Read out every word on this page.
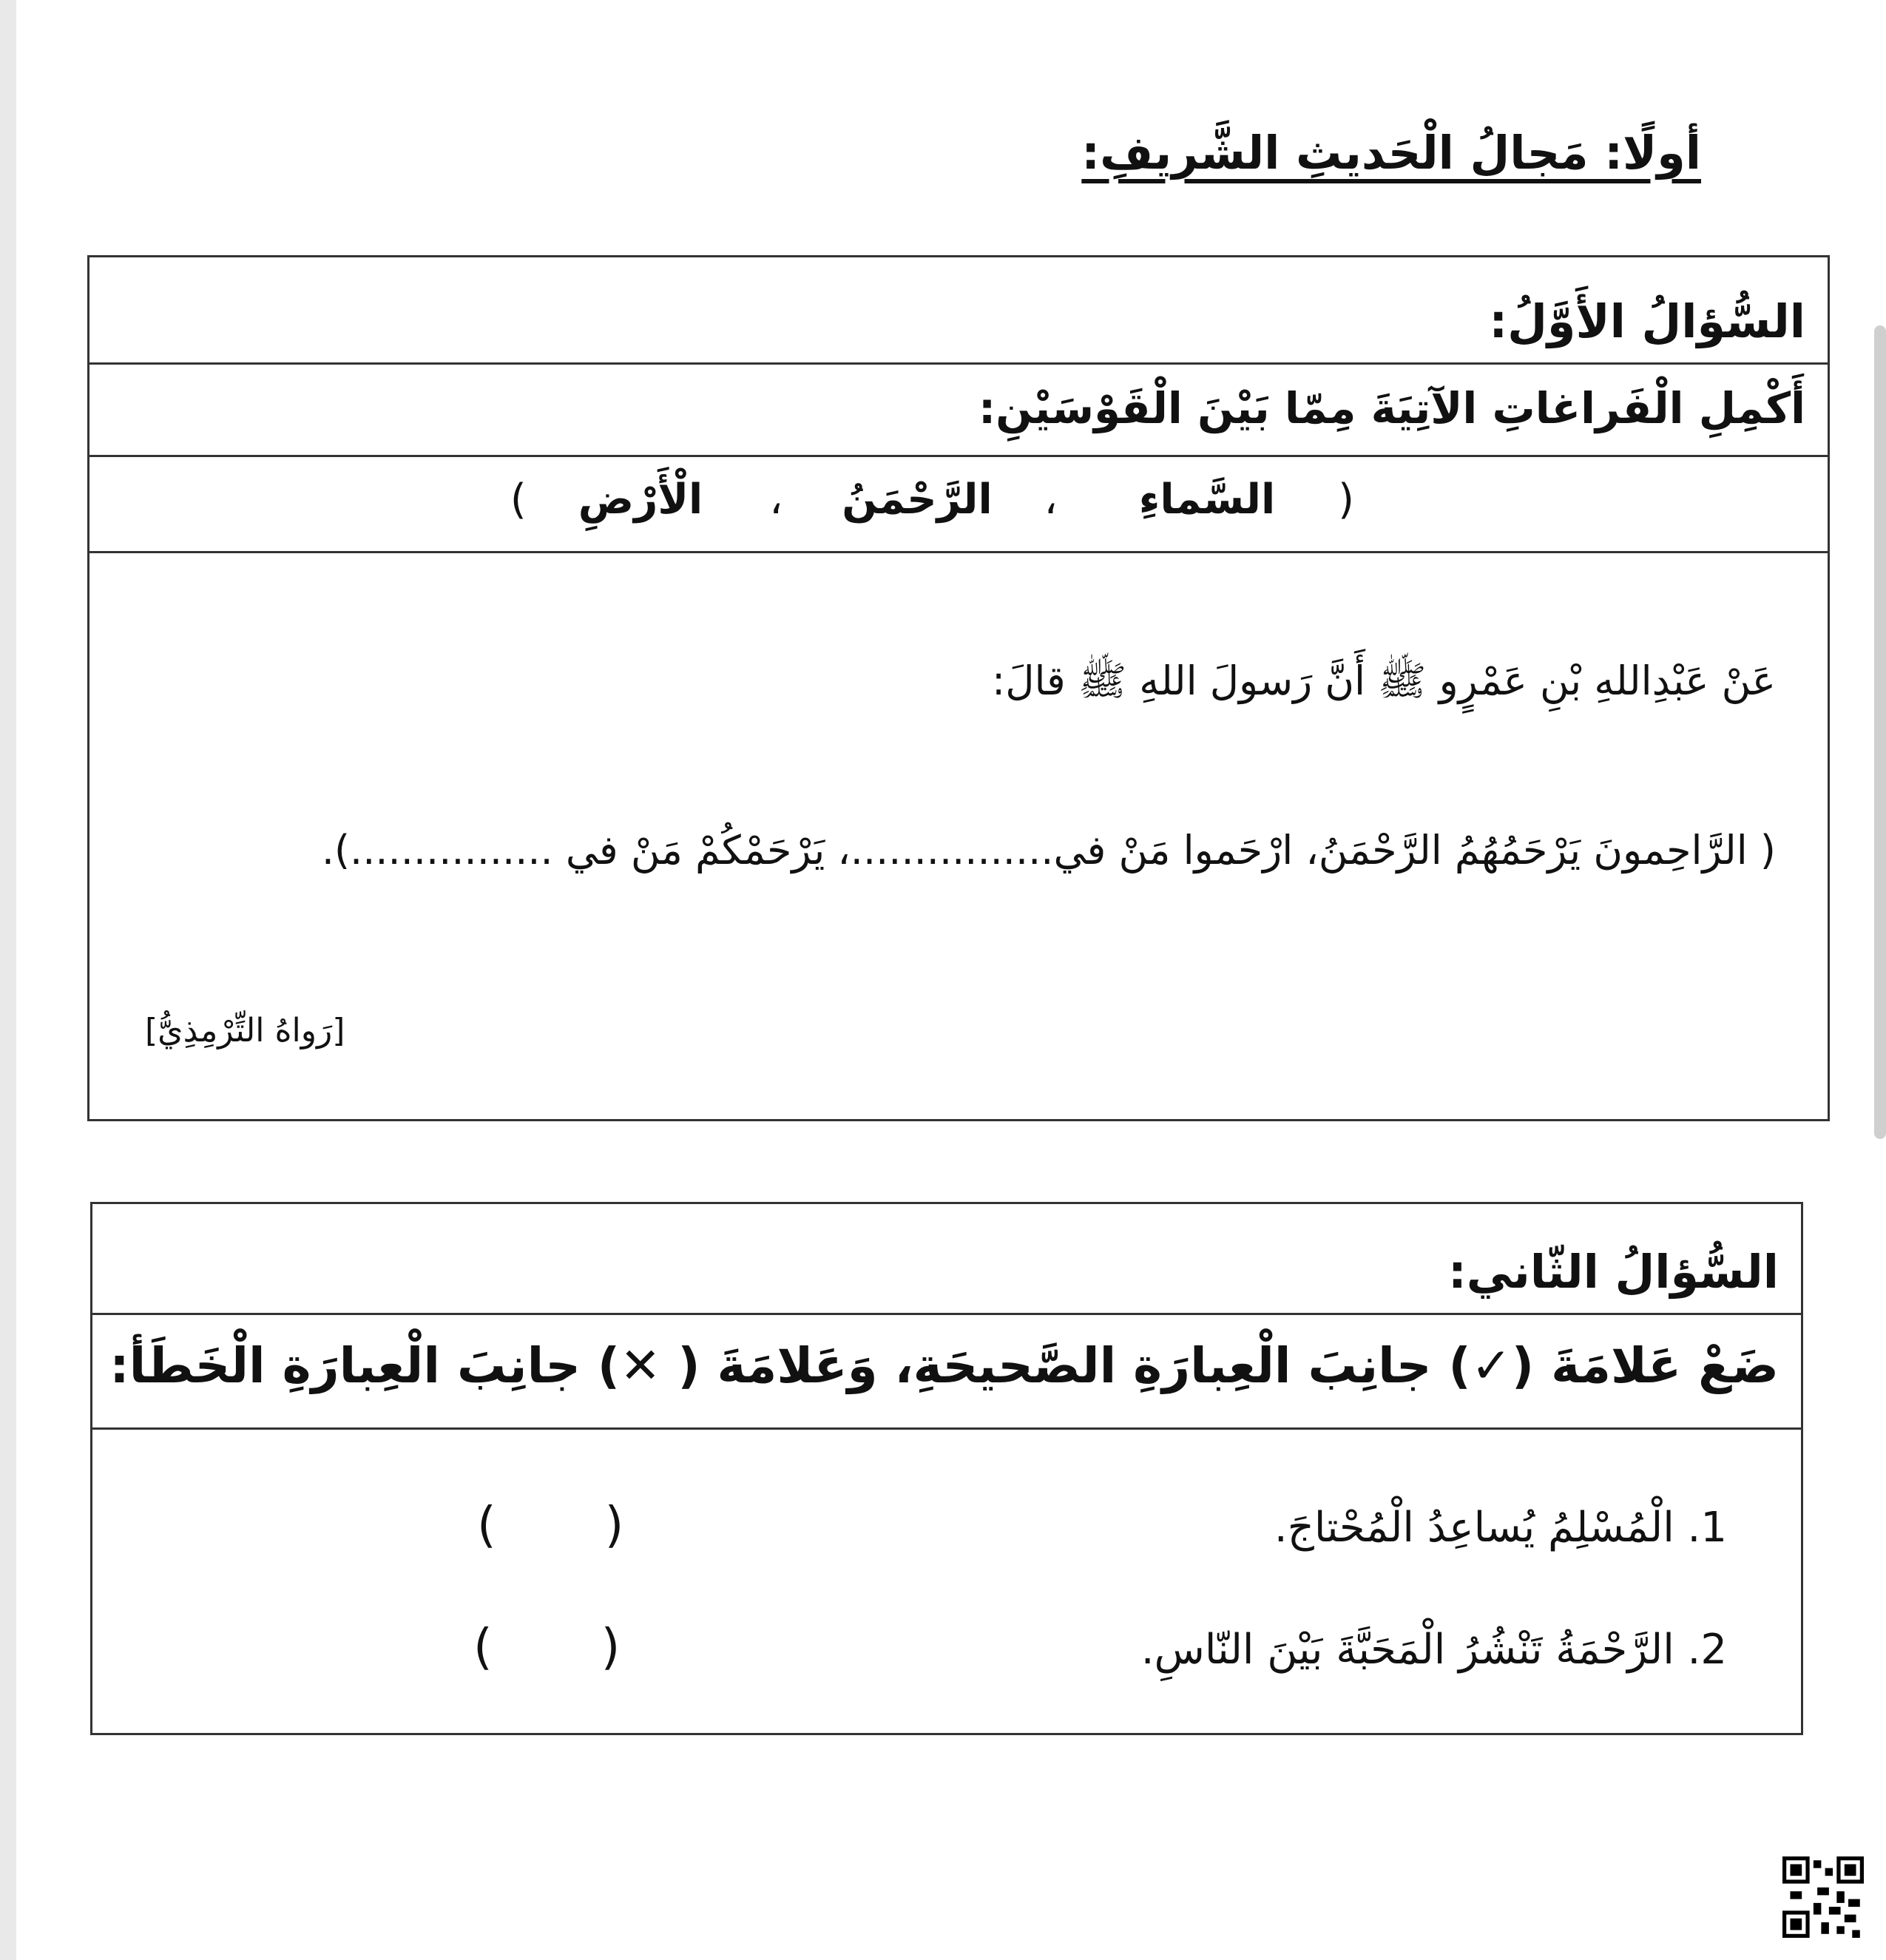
أولًا: مَجالُ الْحَديثِ الشَّريفِ:
السُّؤالُ الأَوَّلُ:
أَكْمِلِ الْفَراغاتِ الآتِيَةَ مِمّا بَيْنَ الْقَوْسَيْنِ:
(
السَّماءِ
،
الرَّحْمَنُ
،
الْأَرْضِ
)
عَنْ عَبْدِاللهِ بْنِ عَمْرٍو ﷺ أَنَّ رَسولَ اللهِ ﷺ قالَ:
( الرَّاحِمونَ يَرْحَمُهُمُ الرَّحْمَنُ، ارْحَموا مَنْ في................، يَرْحَمْكُمْ مَنْ في ................).
[رَواهُ التِّرْمِذِيُّ]
السُّؤالُ الثّاني:
ضَعْ عَلامَةَ (✓) جانِبَ الْعِبارَةِ الصَّحيحَةِ، وَعَلامَةَ ( ✕) جانِبَ الْعِبارَةِ الْخَطَأ:
1. الْمُسْلِمُ يُساعِدُ الْمُحْتاجَ.
(       )
2. الرَّحْمَةُ تَنْشُرُ الْمَحَبَّةَ بَيْنَ النّاسِ.
(       )
